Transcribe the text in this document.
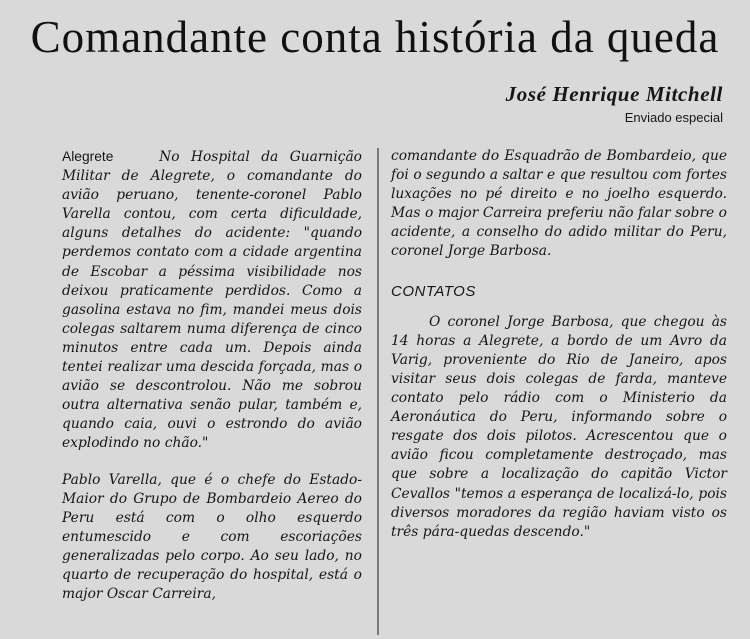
Comandante conta história da queda
José Henrique Mitchell
Enviado especial

Alegrete	No Hospital da Guarnição Militar de Alegrete, o comandante do avião peruano, tenente-coronel Pablo Varella contou, com certa dificuldade, alguns detalhes do acidente: "quando perdemos contato com a cidade argentina de Escobar a péssima visibilidade nos deixou praticamente perdidos. Como a gasolina estava no fim, mandei meus dois colegas saltarem numa diferença de cinco minutos entre cada um. Depois ainda tentei realizar uma descida forçada, mas o avião se descontrolou. Não me sobrou outra alternativa senão pular, também e, quando caia, ouvi o estrondo do avião explodindo no chão."

Pablo Varella, que é o chefe do Estado-Maior do Grupo de Bombardeio Aereo do Peru está com o olho esquerdo entumescido e com escoriações generalizadas pelo corpo. Ao seu lado, no quarto de recuperação do hospital, está o major Oscar Carreira,

comandante do Esquadrão de Bombardeio, que foi o segundo a saltar e que resultou com fortes luxações no pé direito e no joelho esquerdo. Mas o major Carreira preferiu não falar sobre o acidente, a conselho do adido militar do Peru, coronel Jorge Barbosa.

CONTATOS

O coronel Jorge Barbosa, que chegou às 14 horas a Alegrete, a bordo de um Avro da Varig, proveniente do Rio de Janeiro, apos visitar seus dois colegas de farda, manteve contato pelo rádio com o Ministerio da Aeronáutica do Peru, informando sobre o resgate dos dois pilotos. Acrescentou que o avião ficou completamente destroçado, mas que sobre a localização do capitão Victor Cevallos "temos a esperança de localizá-lo, pois diversos moradores da região haviam visto os três pára-quedas descendo."
